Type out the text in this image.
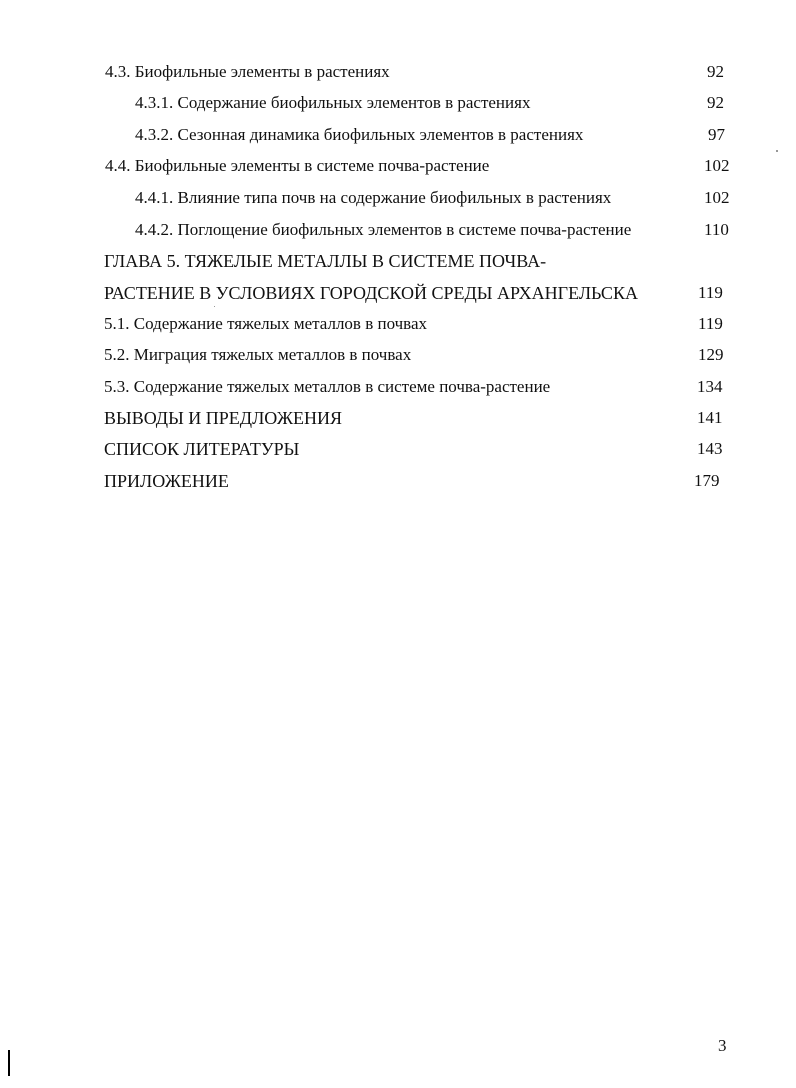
4.3. Биофильные элементы в растениях	92
4.3.1. Содержание биофильных элементов в растениях	92
4.3.2. Сезонная динамика биофильных элементов в растениях	97
4.4. Биофильные элементы в системе почва-растение	102
4.4.1. Влияние типа почв на содержание биофильных в растениях	102
4.4.2. Поглощение биофильных элементов в системе почва-растение	110
ГЛАВА 5. ТЯЖЕЛЫЕ МЕТАЛЛЫ В СИСТЕМЕ ПОЧВА-
РАСТЕНИЕ В УСЛОВИЯХ ГОРОДСКОЙ СРЕДЫ АРХАНГЕЛЬСКА	119
5.1. Содержание тяжелых металлов в почвах	119
5.2. Миграция тяжелых металлов в почвах	129
5.3. Содержание тяжелых металлов в системе почва-растение	134
ВЫВОДЫ И ПРЕДЛОЖЕНИЯ	141
СПИСОК ЛИТЕРАТУРЫ	143
ПРИЛОЖЕНИЕ	179
3
